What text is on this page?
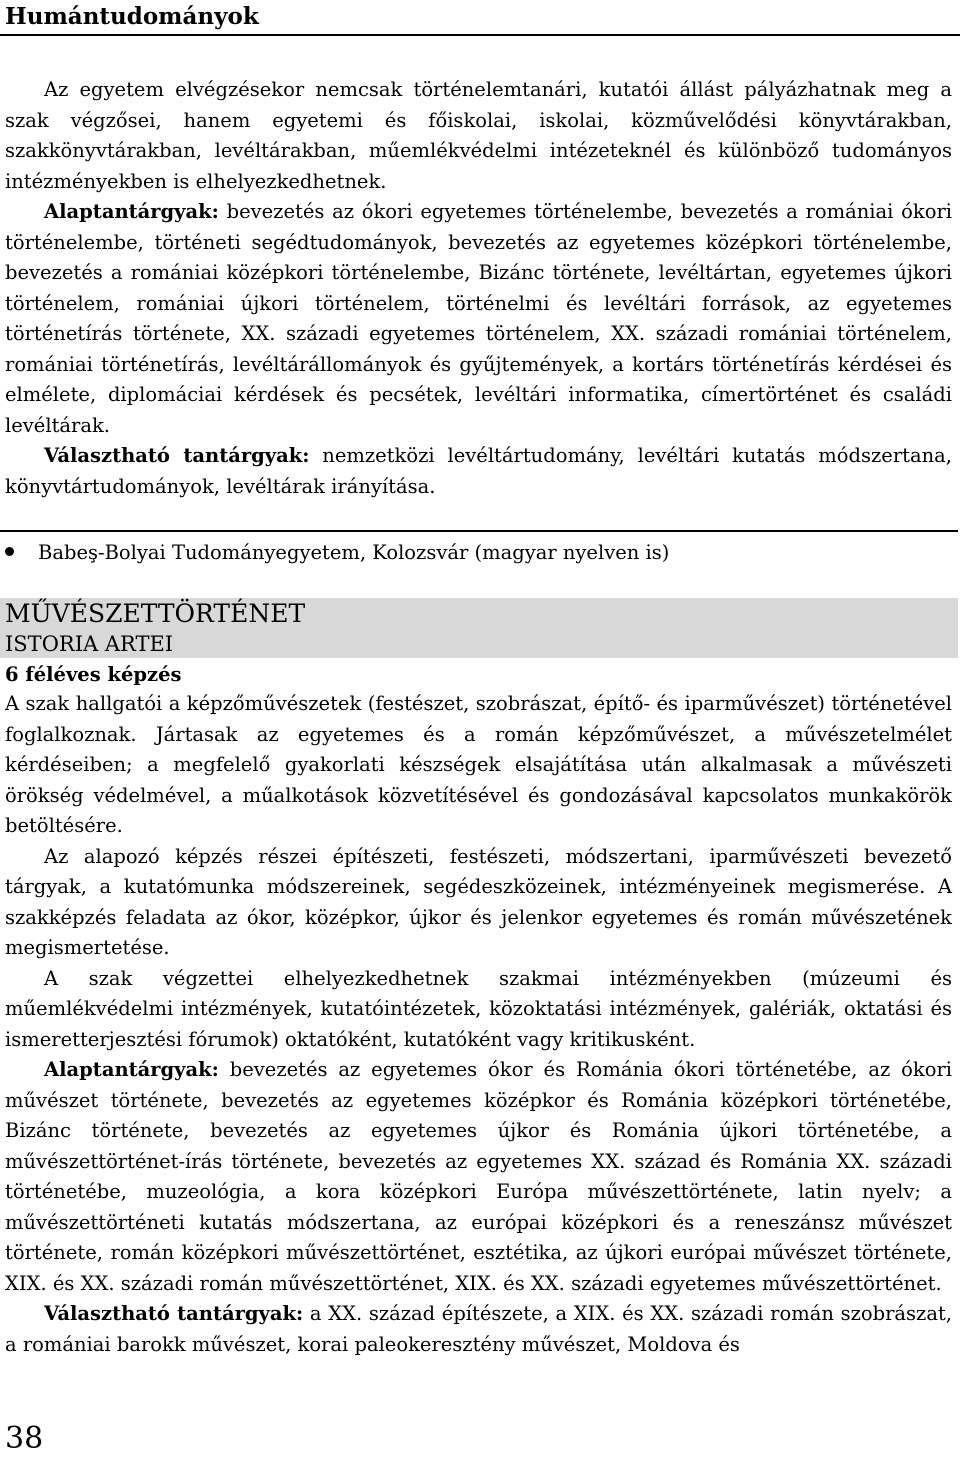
Humántudományok

Az egyetem elvégzésekor nemcsak történelemtanári, kutatói állást pályázhatnak meg a szak végzősei, hanem egyetemi és főiskolai, iskolai, közművelődési könyvtárakban, szakkönyvtárakban, levéltárakban, műemlékvédelmi intézeteknél és különböző tudományos intézményekben is elhelyezkedhetnek.

Alaptantárgyak: bevezetés az ókori egyetemes történelembe, bevezetés a romániai ókori történelembe, történeti segédtudományok, bevezetés az egyetemes középkori történelembe, bevezetés a romániai középkori történelembe, Bizánc története, levéltártan, egyetemes újkori történelem, romániai újkori történelem, történelmi és levéltári források, az egyetemes történetírás története, XX. századi egyetemes történelem, XX. századi romániai történelem, romániai történetírás, levéltárállományok és gyűjtemények, a kortárs történetírás kérdései és elmélete, diplomáciai kérdések és pecsétek, levéltári informatika, címertörténet és családi levéltárak.

Választható tantárgyak: nemzetközi levéltártudomány, levéltári kutatás módszertana, könyvtártudományok, levéltárak irányítása.

Babeş-Bolyai Tudományegyetem, Kolozsvár (magyar nyelven is)
MŰVÉSZETTÖRTÉNET
ISTORIA ARTEI
6 féléves képzés

A szak hallgatói a képzőművészetek (festészet, szobrászat, építő- és iparművészet) történetével foglalkoznak. Jártasak az egyetemes és a román képzőművészet, a művészetelmélet kérdéseiben; a megfelelő gyakorlati készségek elsajátítása után alkalmasak a művészeti örökség védelmével, a műalkotások közvetítésével és gondozásával kapcsolatos munkakörök betöltésére.

Az alapozó képzés részei építészeti, festészeti, módszertani, iparművészeti bevezető tárgyak, a kutatómunka módszereinek, segédeszközeinek, intézményeinek megismerése. A szakképzés feladata az ókor, középkor, újkor és jelenkor egyetemes és román művészetének megismertetése.

A szak végzettei elhelyezkedhetnek szakmai intézményekben (múzeumi és műemlékvédelmi intézmények, kutatóintézetek, közoktatási intézmények, galériák, oktatási és ismeretterjesztési fórumok) oktatóként, kutatóként vagy kritikusként.

Alaptantárgyak: bevezetés az egyetemes ókor és Románia ókori történetébe, az ókori művészet története, bevezetés az egyetemes középkor és Románia középkori történetébe, Bizánc története, bevezetés az egyetemes újkor és Románia újkori történetébe, a művészettörténet-írás története, bevezetés az egyetemes XX. század és Románia XX. századi történetébe, muzeológia, a kora középkori Európa művészettörténete, latin nyelv; a művészettörténeti kutatás módszertana, az európai középkori és a reneszánsz művészet története, román középkori művészettörténet, esztétika, az újkori európai művészet története, XIX. és XX. századi román művészettörténet, XIX. és XX. századi egyetemes művészettörténet.

Választható tantárgyak: a XX. század építészete, a XIX. és XX. századi román szobrászat, a romániai barokk művészet, korai paleokeresztény művészet, Moldova és

38
